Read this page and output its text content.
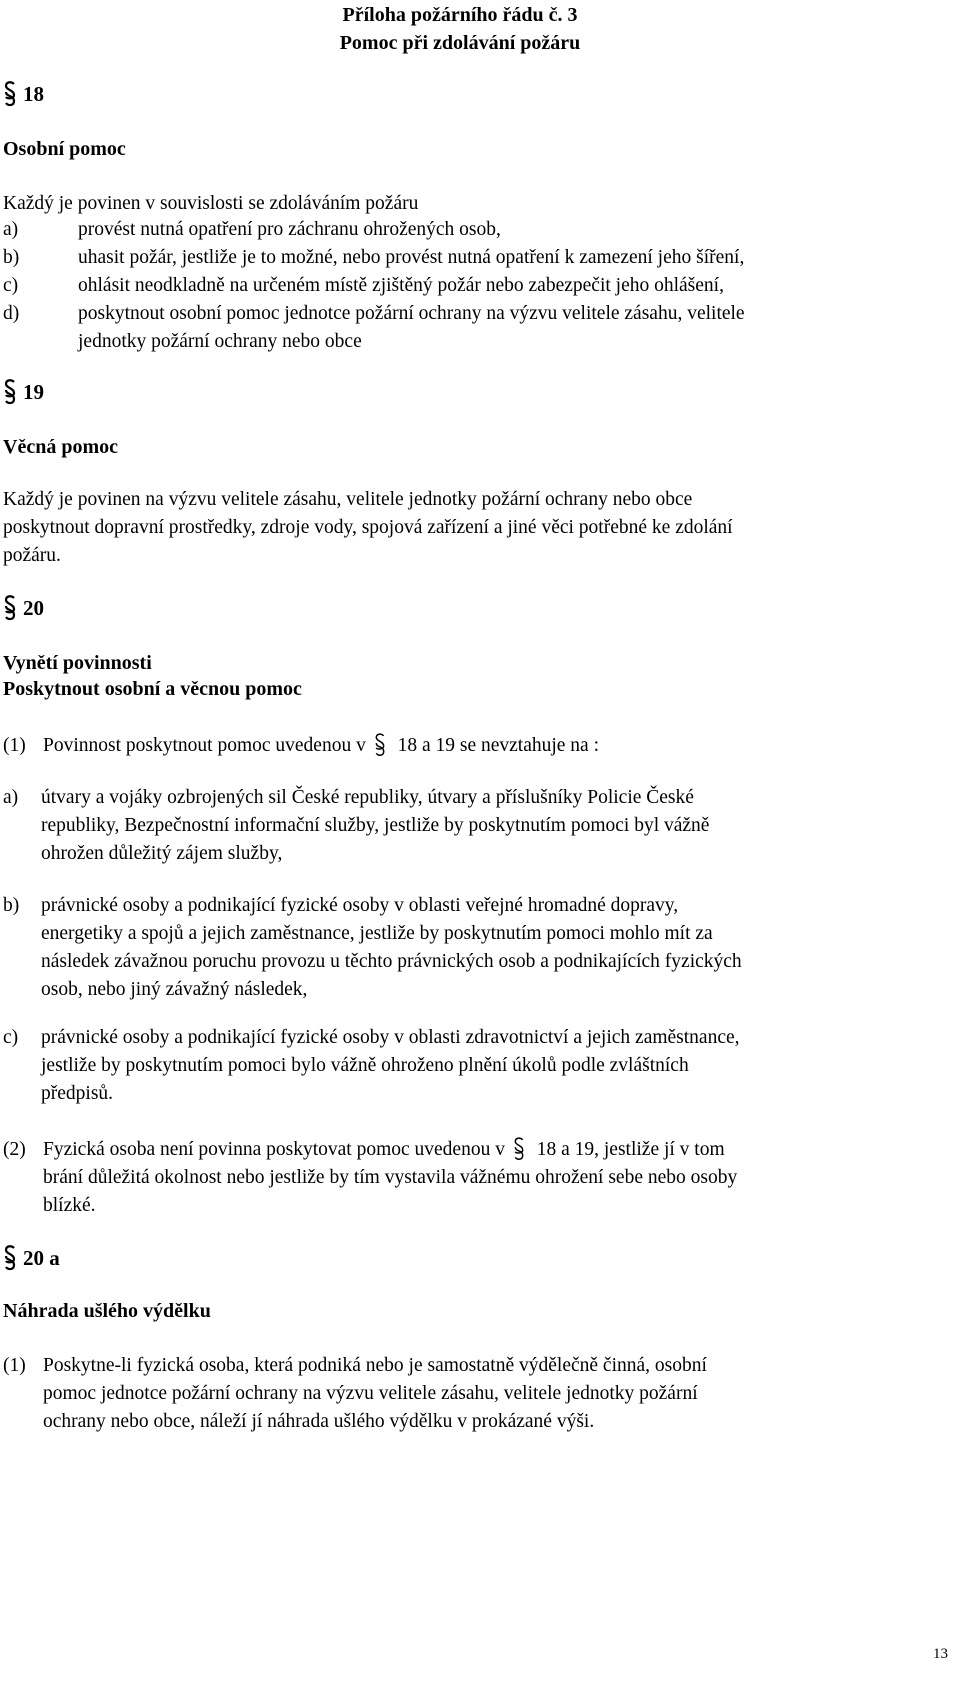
Příloha požárního řádu č. 3
Pomoc při zdolávání požáru
18
Osobní pomoc
Každý je povinen v souvislosti se zdoláváním požáru
a)	provést nutná opatření pro záchranu ohrožených osob,
b)	uhasit požár, jestliže je to možné, nebo provést nutná opatření k zamezení jeho šíření,
c)	ohlásit neodkladně na určeném místě zjištěný požár nebo zabezpečit jeho ohlášení,
d)	poskytnout osobní pomoc jednotce požární ochrany na výzvu velitele zásahu, velitele
jednotky požární ochrany nebo obce
19
Věcná pomoc
Každý je povinen na výzvu velitele zásahu, velitele jednotky požární ochrany nebo obce
poskytnout dopravní prostředky, zdroje vody, spojová zařízení a jiné věci potřebné ke zdolání
požáru.
20
Vynětí povinnosti
Poskytnout osobní a věcnou pomoc
(1) Povinnost poskytnout pomoc uvedenou v 18 a 19 se nevztahuje na :
a) útvary a vojáky ozbrojených sil České republiky, útvary a příslušníky Policie České
republiky, Bezpečnostní informační služby, jestliže by poskytnutím pomoci byl vážně
ohrožen důležitý zájem služby,
b) právnické osoby a podnikající fyzické osoby v oblasti veřejné hromadné dopravy,
energetiky a spojů a jejich zaměstnance, jestliže by poskytnutím pomoci mohlo mít za
následek závažnou poruchu provozu u těchto právnických osob a podnikajících fyzických
osob, nebo jiný závažný následek,
c) právnické osoby a podnikající fyzické osoby v oblasti zdravotnictví a jejich zaměstnance,
jestliže by poskytnutím pomoci bylo vážně ohroženo plnění úkolů podle zvláštních
předpisů.
(2) Fyzická osoba není povinna poskytovat pomoc uvedenou v 18 a 19, jestliže jí v tom
brání důležitá okolnost nebo jestliže by tím vystavila vážnému ohrožení sebe nebo osoby
blízké.
20 a
Náhrada ušlého výdělku
(1) Poskytne-li fyzická osoba, která podniká nebo je samostatně výdělečně činná, osobní
pomoc jednotce požární ochrany na výzvu velitele zásahu, velitele jednotky požární
ochrany nebo obce, náleží jí náhrada ušlého výdělku v prokázané výši.
13
